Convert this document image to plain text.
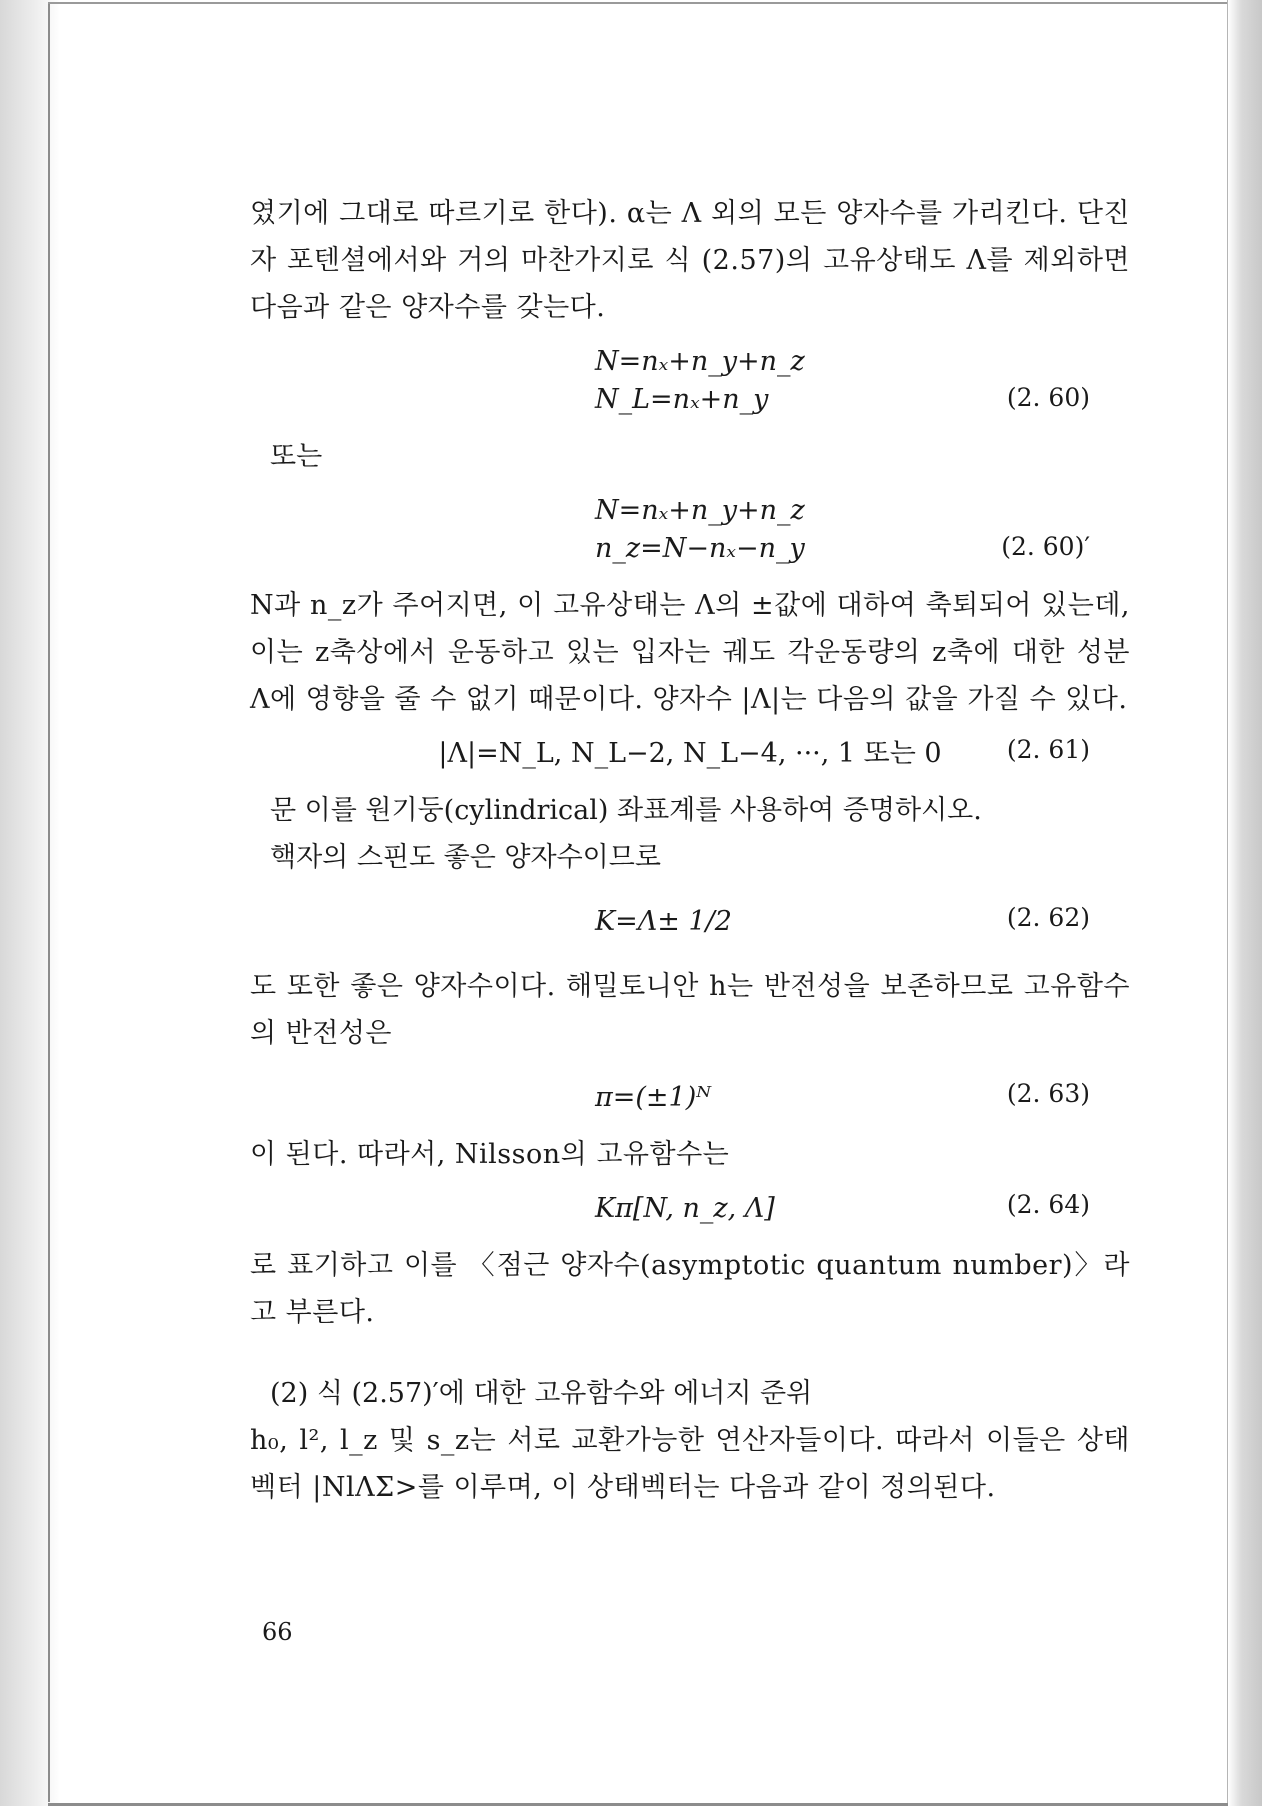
였기에 그대로 따르기로 한다). α는 Λ 외의 모든 양자수를 가리킨다. 단진자 포텐셜에서와 거의 마찬가지로 식 (2.57)의 고유상태도 Λ를 제외하면 다음과 같은 양자수를 갖는다.

N=nₓ+n_y+n_z
N_L=nₓ+n_y	(2. 60)

또는

N=nₓ+n_y+n_z
n_z=N−nₓ−n_y	(2. 60)′

N과 n_z가 주어지면, 이 고유상태는 Λ의 ±값에 대하여 축퇴되어 있는데, 이는 z축상에서 운동하고 있는 입자는 궤도 각운동량의 z축에 대한 성분 Λ에 영향을 줄 수 없기 때문이다. 양자수 |Λ|는 다음의 값을 가질 수 있다.

|Λ|=N_L, N_L−2, N_L−4, ···, 1 또는 0	(2. 61)

문 이를 원기둥(cylindrical) 좌표계를 사용하여 증명하시오.

핵자의 스핀도 좋은 양자수이므로

K=Λ± 1/2	(2. 62)

도 또한 좋은 양자수이다. 해밀토니안 h는 반전성을 보존하므로 고유함수의 반전성은

π=(±1)ᴺ	(2. 63)

이 된다. 따라서, Nilsson의 고유함수는

Kπ[N, n_z, Λ]	(2. 64)

로 표기하고 이를 〈점근 양자수(asymptotic quantum number)〉라고 부른다.

(2) 식 (2.57)′에 대한 고유함수와 에너지 준위

h₀, l², l_z 및 s_z는 서로 교환가능한 연산자들이다. 따라서 이들은 상태벡터 |NlΛΣ>를 이루며, 이 상태벡터는 다음과 같이 정의된다.

66
